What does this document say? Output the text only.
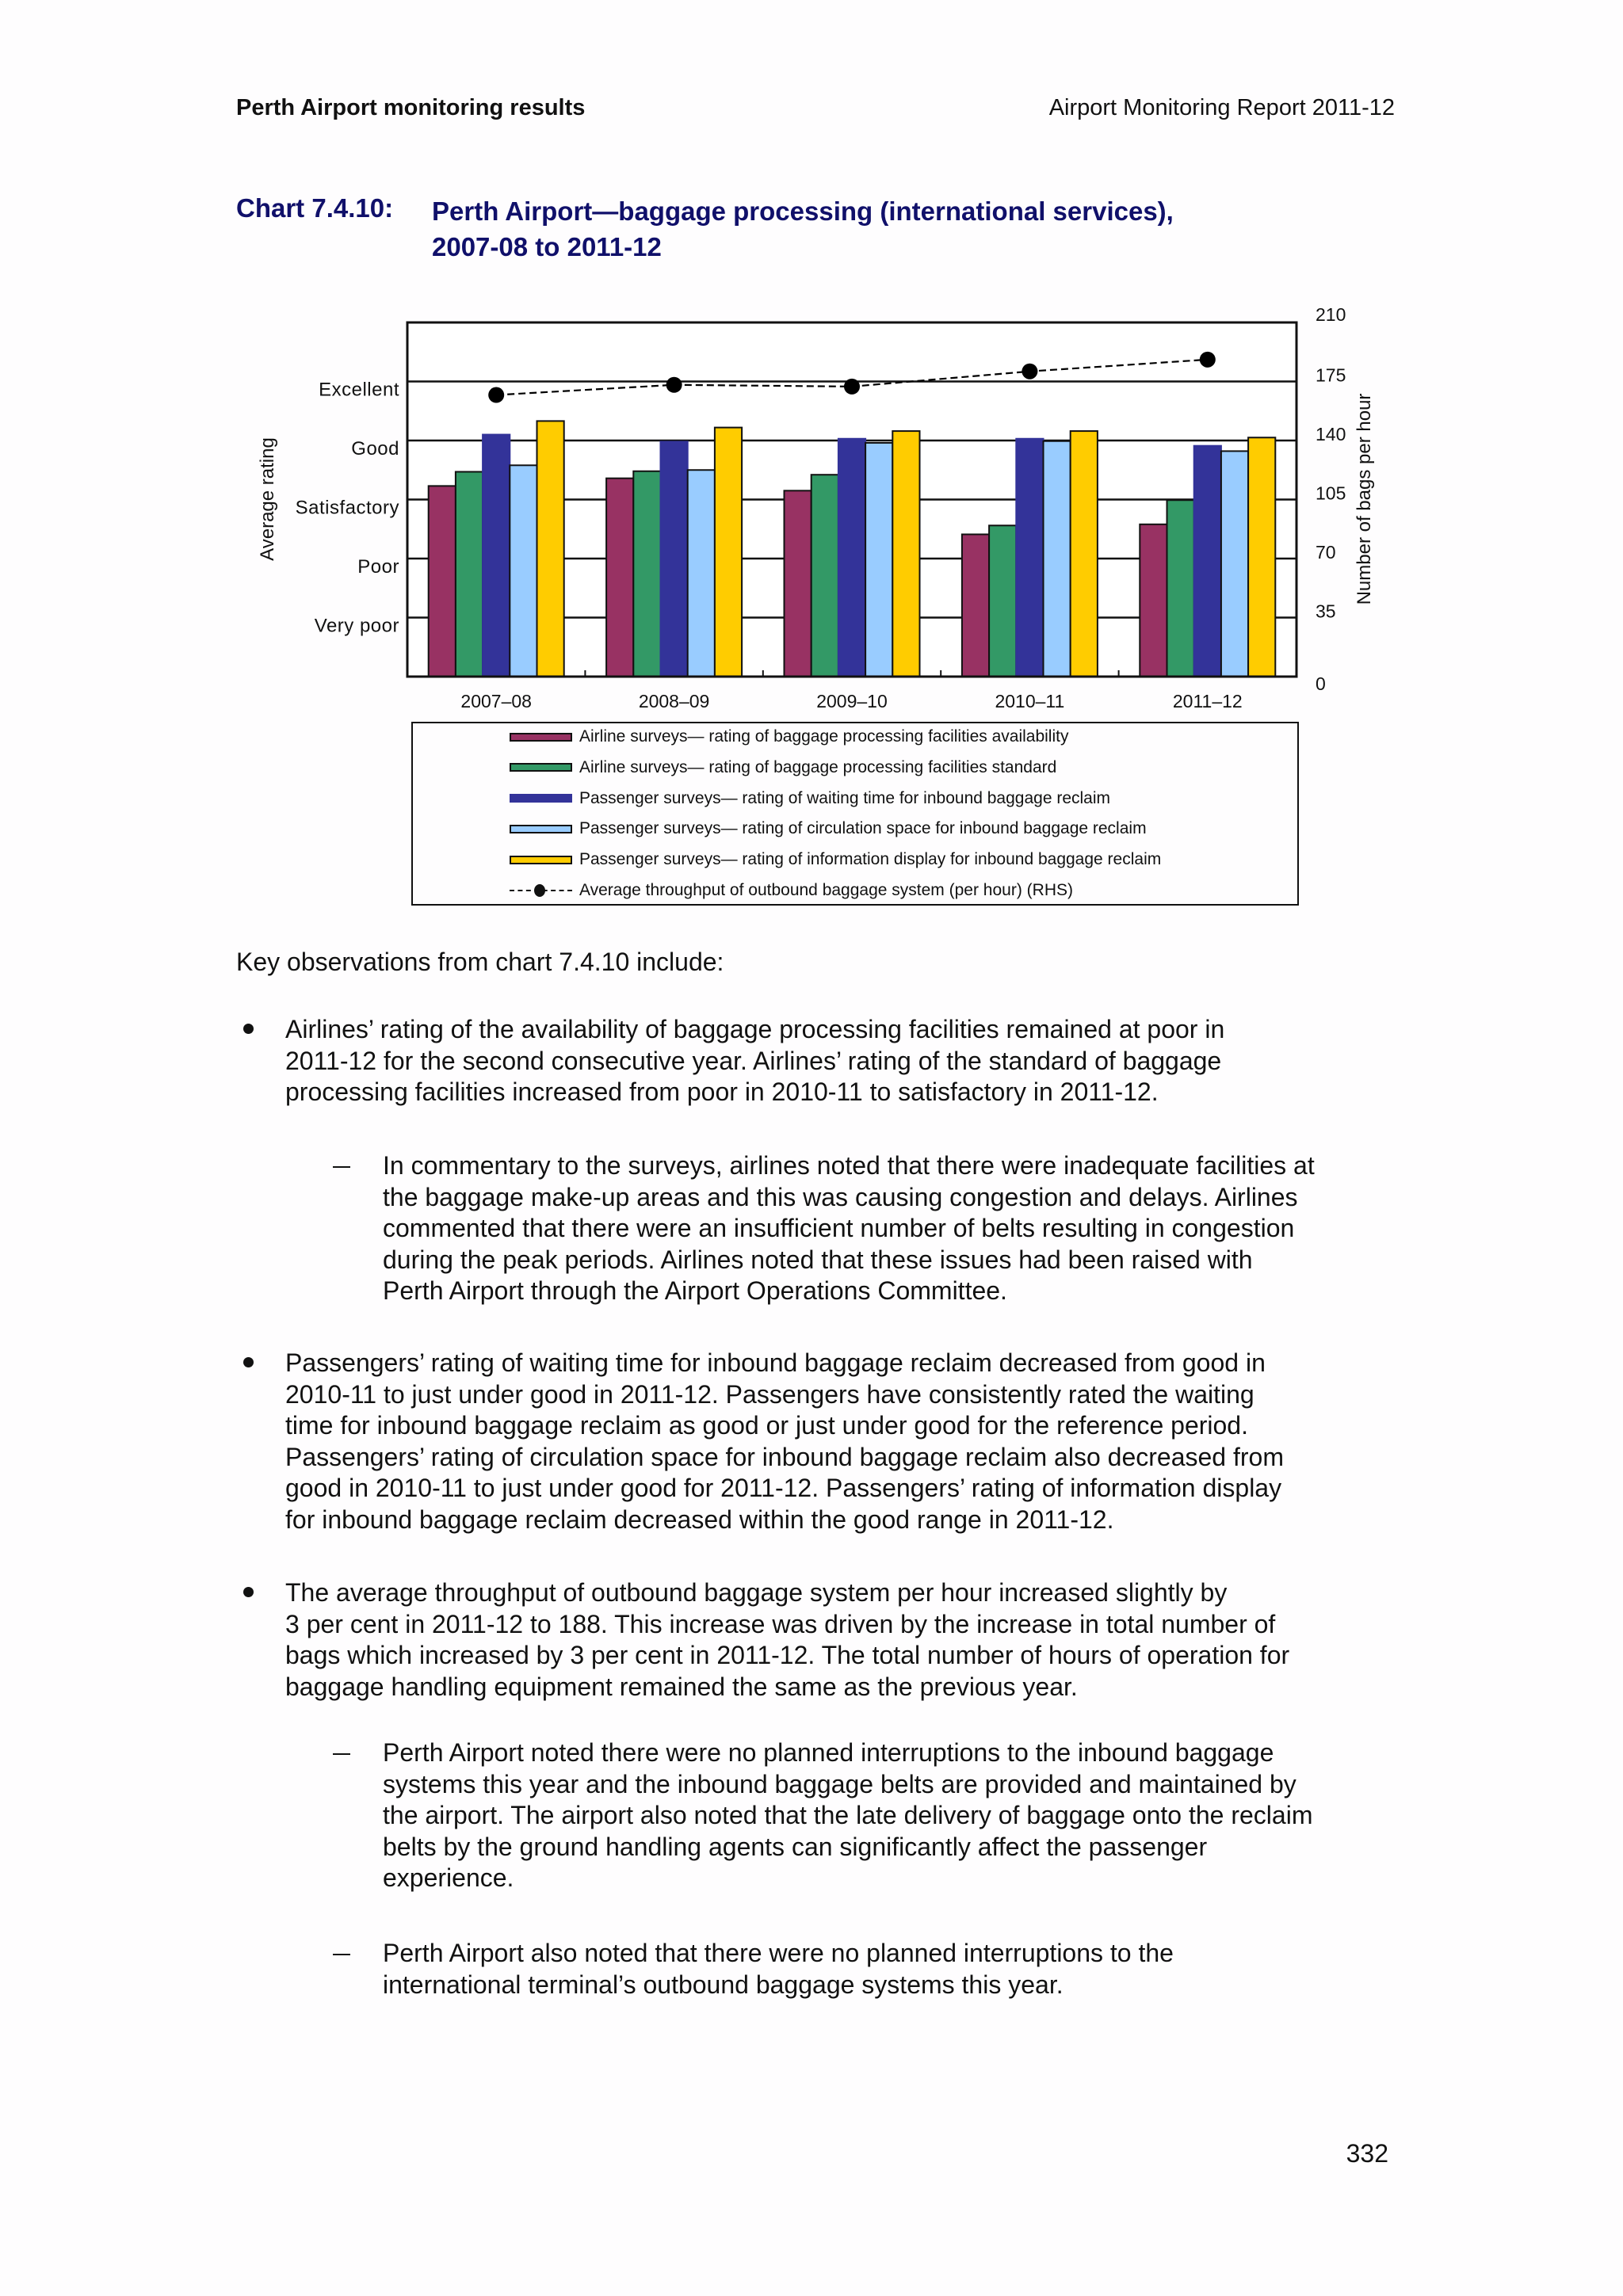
Perth Airport monitoring results	Airport Monitoring Report 2011-12
Chart 7.4.10: Perth Airport—baggage processing (international services),
2007-08 to 2011-12
2007–08	2008–09	2009–10	2010–11	2011–12
Very poor
Poor
Satisfactory
Good
Excellent
Average rating
0
35
70
105
140
175
210
Number of bags per hour
Airline surveys— rating of baggage processing facilities availability
Airline surveys— rating of baggage processing facilities standard
Passenger surveys— rating of waiting time for inbound baggage reclaim
Passenger surveys— rating of circulation space for inbound baggage reclaim
Passenger surveys— rating of information display for inbound baggage reclaim
Average throughput of outbound baggage system (per hour) (RHS)
Key observations from chart 7.4.10 include:
Airlines’ rating of the availability of baggage processing facilities remained at poor in
2011-12 for the second consecutive year. Airlines’ rating of the standard of baggage
processing facilities increased from poor in 2010-11 to satisfactory in 2011-12.
In commentary to the surveys, airlines noted that there were inadequate facilities at
the baggage make-up areas and this was causing congestion and delays. Airlines
commented that there were an insufficient number of belts resulting in congestion
during the peak periods. Airlines noted that these issues had been raised with
Perth Airport through the Airport Operations Committee.
Passengers’ rating of waiting time for inbound baggage reclaim decreased from good in
2010-11 to just under good in 2011-12. Passengers have consistently rated the waiting
time for inbound baggage reclaim as good or just under good for the reference period.
Passengers’ rating of circulation space for inbound baggage reclaim also decreased from
good in 2010-11 to just under good for 2011-12. Passengers’ rating of information display
for inbound baggage reclaim decreased within the good range in 2011-12.
The average throughput of outbound baggage system per hour increased slightly by
3 per cent in 2011-12 to 188. This increase was driven by the increase in total number of
bags which increased by 3 per cent in 2011-12. The total number of hours of operation for
baggage handling equipment remained the same as the previous year.
Perth Airport noted there were no planned interruptions to the inbound baggage
systems this year and the inbound baggage belts are provided and maintained by
the airport. The airport also noted that the late delivery of baggage onto the reclaim
belts by the ground handling agents can significantly affect the passenger
experience.
Perth Airport also noted that there were no planned interruptions to the
international terminal’s outbound baggage systems this year.
332
